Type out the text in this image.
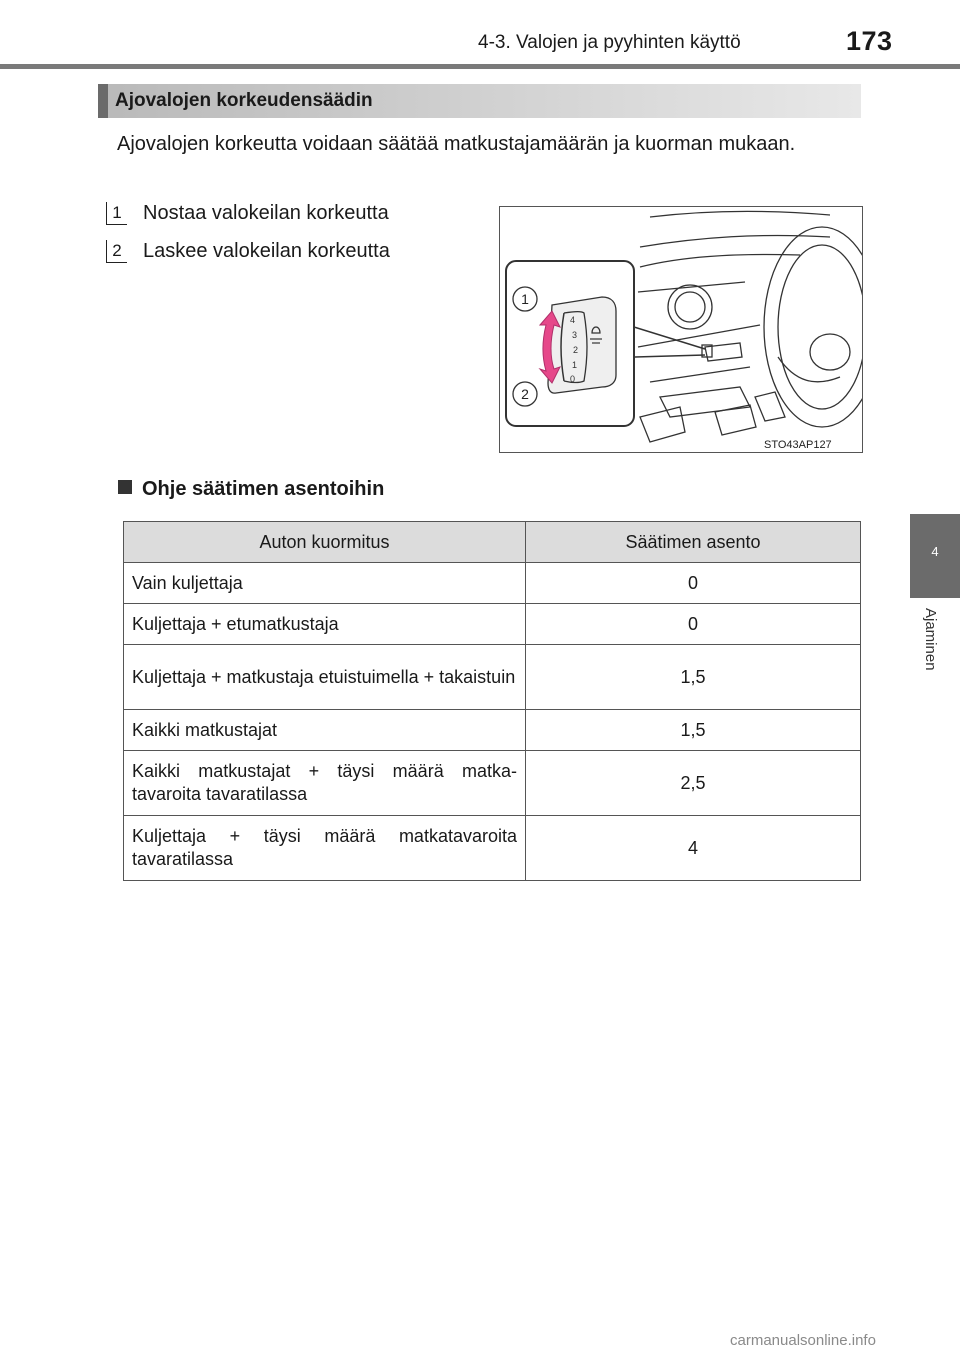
4-3. Valojen ja pyyhinten käyttö	173
4
Ajaminen
Ajovalojen korkeudensäädin
Ajovalojen korkeutta voidaan säätää matkustajamäärän ja kuorman mukaan.
1 Nostaa valokeilan korkeutta
2 Laskee valokeilan korkeutta
4
3
2
1
0
1
2
STO43AP127
Ohje säätimen asentoihin
Auton kuormitus	Säätimen asento
Vain kuljettaja	0
Kuljettaja + etumatkustaja	0
Kuljettaja + matkustaja etuistuimella + takaistuin	1,5
Kaikki matkustajat	1,5
Kaikki matkustajat + täysi määrä matka-tavaroita tavaratilassa	2,5
Kuljettaja + täysi määrä matkatavaroita tavaratilassa	4
carmanualsonline.info
